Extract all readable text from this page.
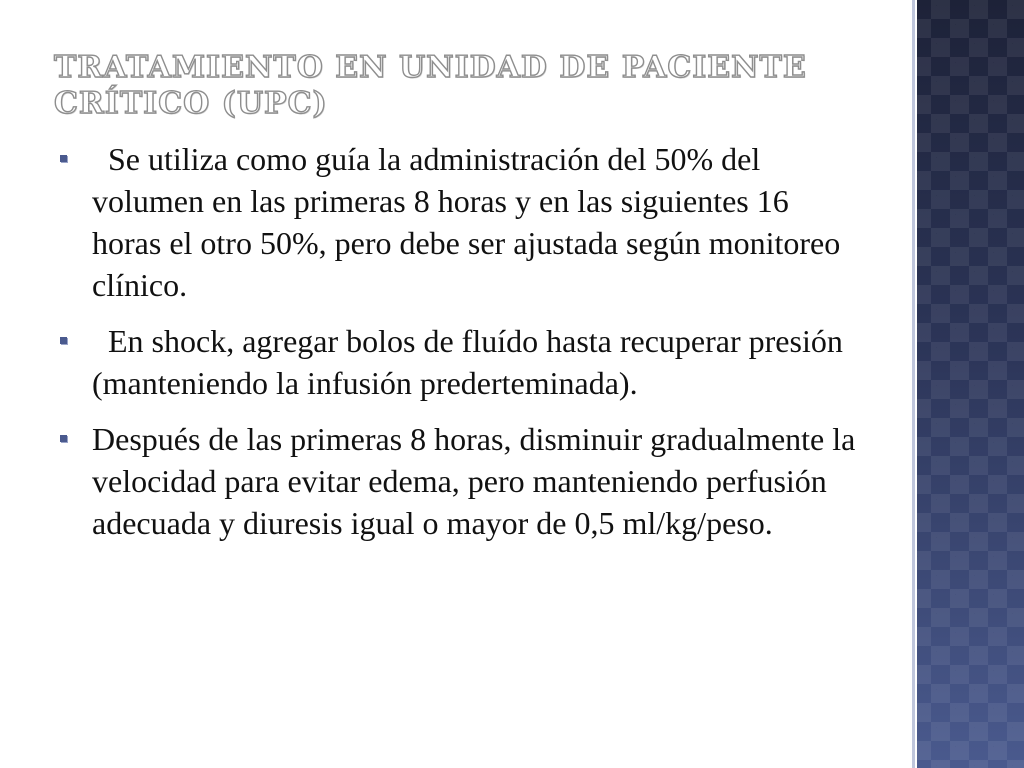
TRATAMIENTO EN UNIDAD DE PACIENTE CRÍTICO (UPC)
Se utiliza como guía la administración del 50% del volumen en las primeras 8 horas y en las siguientes 16 horas el otro 50%, pero debe ser ajustada según monitoreo clínico.
En shock, agregar bolos de fluído hasta recuperar presión (manteniendo la infusión prederteminada).
Después de las primeras 8 horas, disminuir gradualmente la velocidad para evitar edema, pero manteniendo perfusión adecuada y diuresis igual o mayor de 0,5 ml/kg/peso.
